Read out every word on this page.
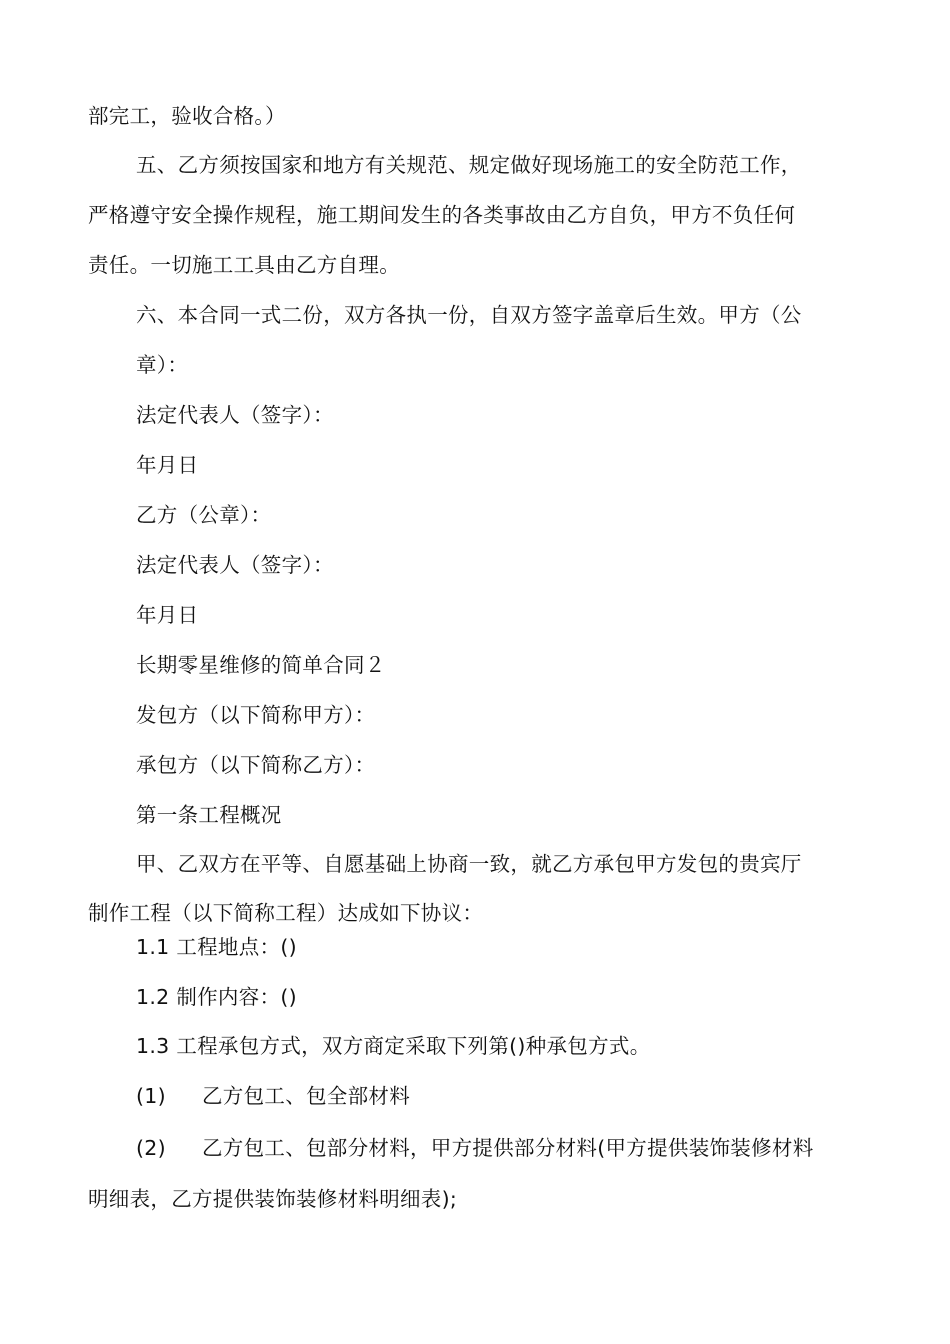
部完工，验收合格。）
五、乙方须按国家和地方有关规范、规定做好现场施工的安全防范工作，
严格遵守安全操作规程，施工期间发生的各类事故由乙方自负，甲方不负任何
责任。一切施工工具由乙方自理。
六、本合同一式二份，双方各执一份，自双方签字盖章后生效。甲方（公
章）：
法定代表人（签字）：
年月日
乙方（公章）：
法定代表人（签字）：
年月日
长期零星维修的简单合同２
发包方（以下简称甲方）：
承包方（以下简称乙方）：
第一条工程概况
甲、乙双方在平等、自愿基础上协商一致，就乙方承包甲方发包的贵宾厅
制作工程（以下简称工程）达成如下协议：
1.1 工程地点：()
1.2 制作内容：()
1.3 工程承包方式，双方商定采取下列第()种承包方式。
(1) 乙方包工、包全部材料
(2) 乙方包工、包部分材料，甲方提供部分材料(甲方提供装饰装修材料
明细表，乙方提供装饰装修材料明细表);
